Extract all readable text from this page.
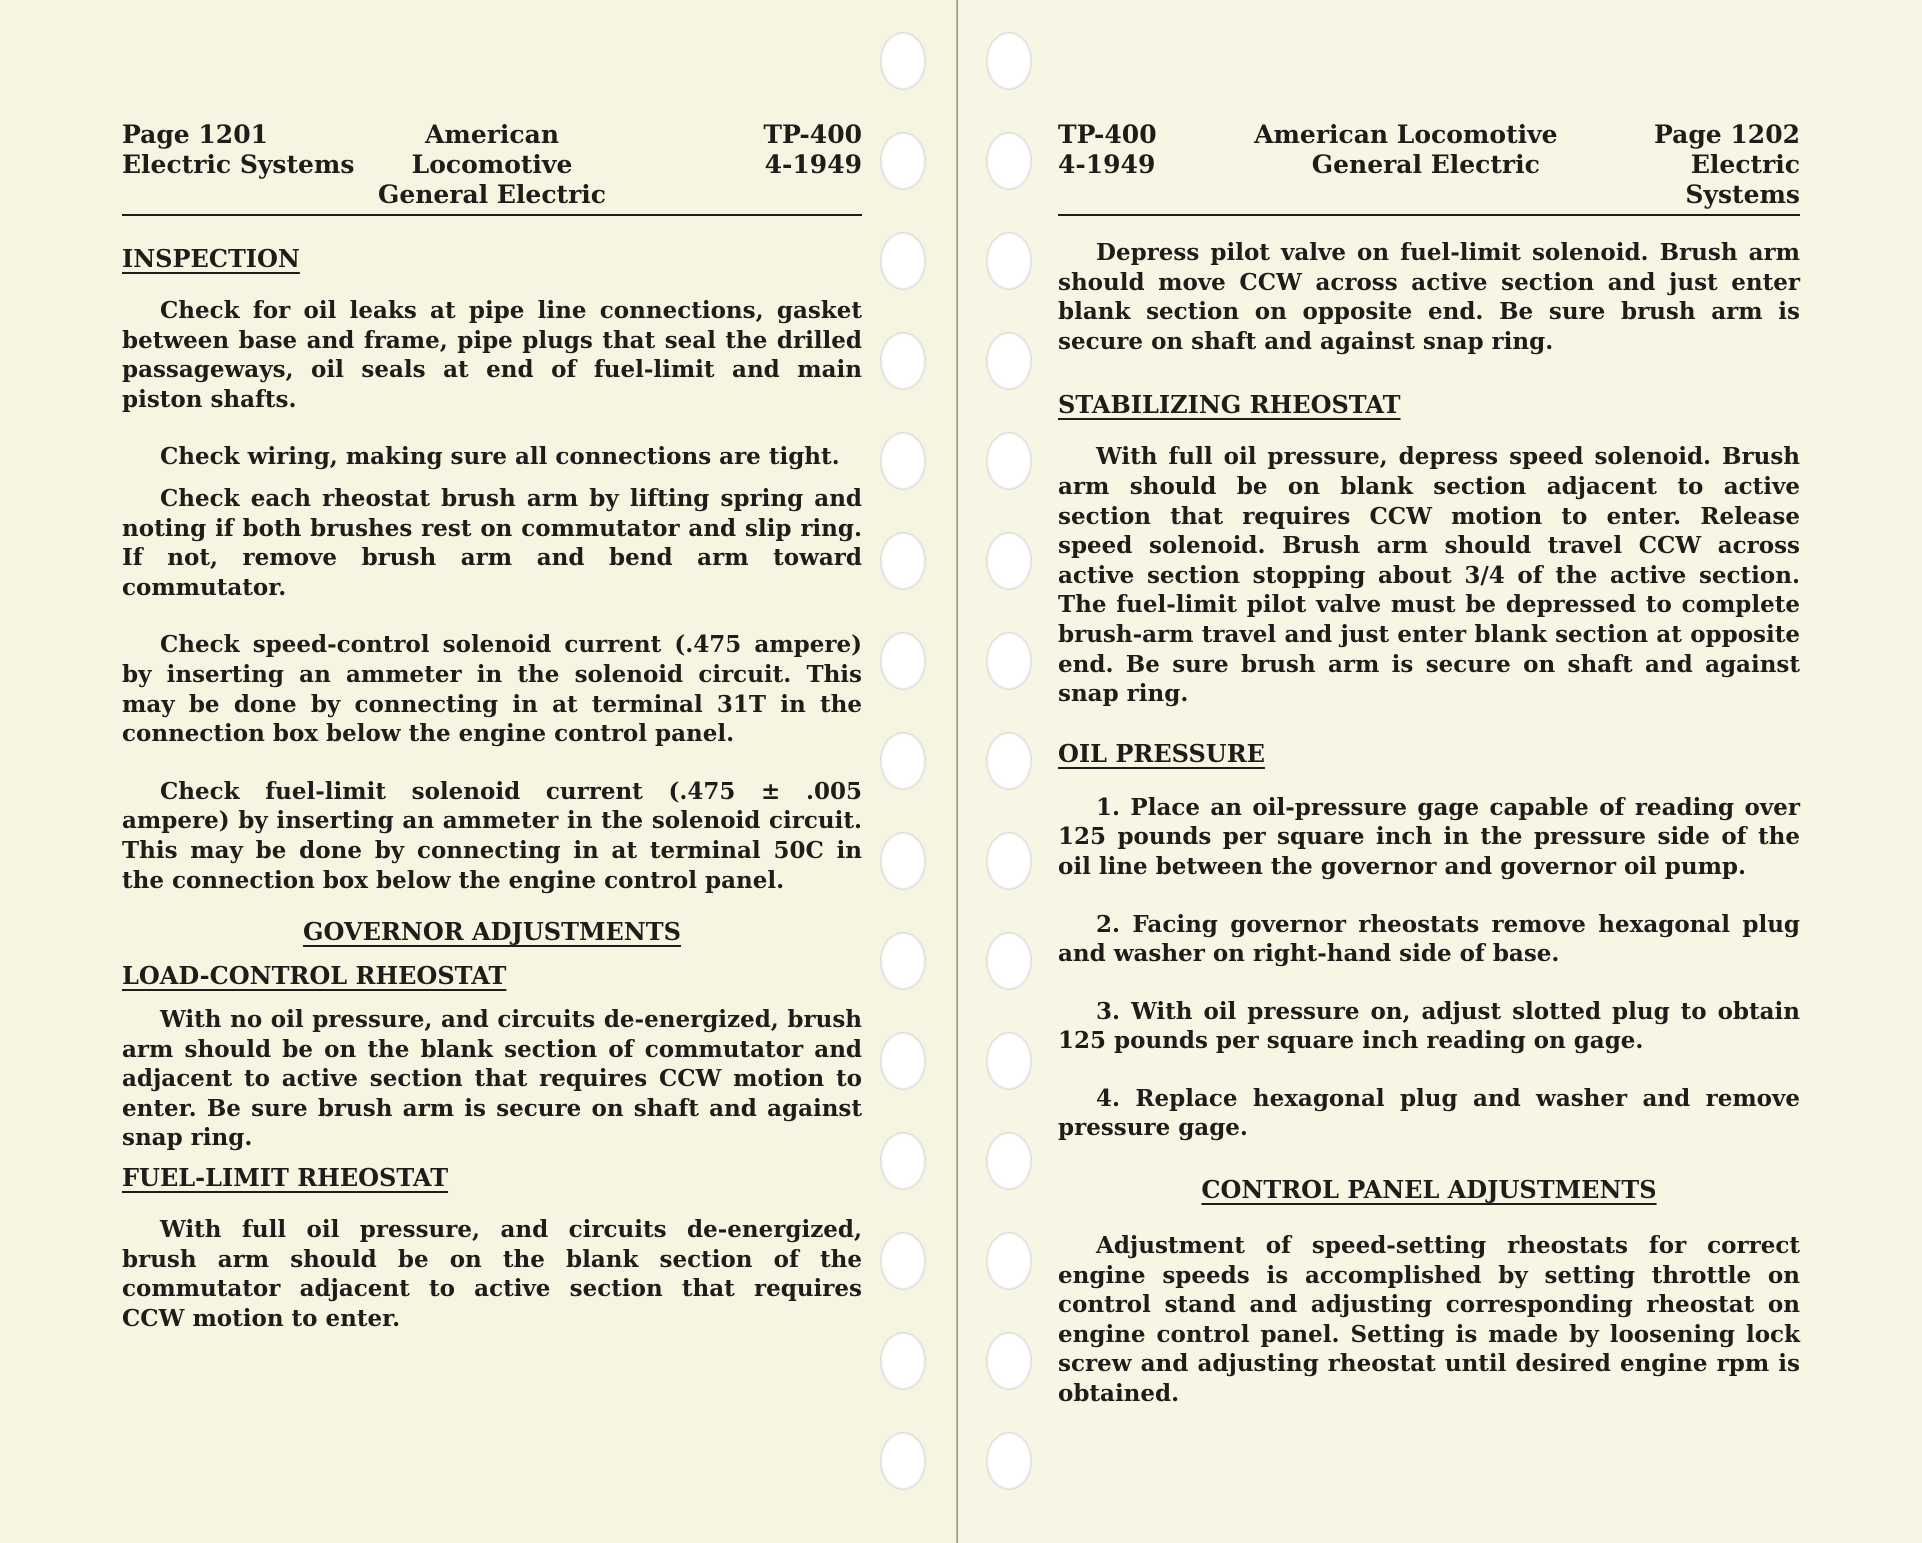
Page 1201
Electric Systems
American Locomotive
General Electric
TP-400
4-1949
INSPECTION

Check for oil leaks at pipe line connections, gasket between base and frame, pipe plugs that seal the drilled passageways, oil seals at end of fuel-limit and main piston shafts.

Check wiring, making sure all connections are tight.

Check each rheostat brush arm by lifting spring and noting if both brushes rest on commutator and slip ring. If not, remove brush arm and bend arm toward commutator.

Check speed-control solenoid current (.475 ampere) by inserting an ammeter in the solenoid circuit. This may be done by connecting in at terminal 31T in the connection box below the engine control panel.

Check fuel-limit solenoid current (.475 ± .005 ampere) by inserting an ammeter in the solenoid circuit. This may be done by connecting in at terminal 50C in the connection box below the engine control panel.

GOVERNOR ADJUSTMENTS
LOAD-CONTROL RHEOSTAT

With no oil pressure, and circuits de-energized, brush arm should be on the blank section of commutator and adjacent to active section that requires CCW motion to enter. Be sure brush arm is secure on shaft and against snap ring.

FUEL-LIMIT RHEOSTAT

With full oil pressure, and circuits de-energized, brush arm should be on the blank section of the commutator adjacent to active section that requires CCW motion to enter.

TP-400
4-1949
American Locomotive
General Electric
Page 1202
Electric Systems

Depress pilot valve on fuel-limit solenoid. Brush arm should move CCW across active section and just enter blank section on opposite end. Be sure brush arm is secure on shaft and against snap ring.

STABILIZING RHEOSTAT

With full oil pressure, depress speed solenoid. Brush arm should be on blank section adjacent to active section that requires CCW motion to enter. Release speed solenoid. Brush arm should travel CCW across active section stopping about 3/4 of the active section. The fuel-limit pilot valve must be depressed to complete brush-arm travel and just enter blank section at opposite end. Be sure brush arm is secure on shaft and against snap ring.

OIL PRESSURE

1. Place an oil-pressure gage capable of reading over 125 pounds per square inch in the pressure side of the oil line between the governor and governor oil pump.

2. Facing governor rheostats remove hexagonal plug and washer on right-hand side of base.

3. With oil pressure on, adjust slotted plug to obtain 125 pounds per square inch reading on gage.

4. Replace hexagonal plug and washer and remove pressure gage.

CONTROL PANEL ADJUSTMENTS

Adjustment of speed-setting rheostats for correct engine speeds is accomplished by setting throttle on control stand and adjusting corresponding rheostat on engine control panel. Setting is made by loosening lock screw and adjusting rheostat until desired engine rpm is obtained.
